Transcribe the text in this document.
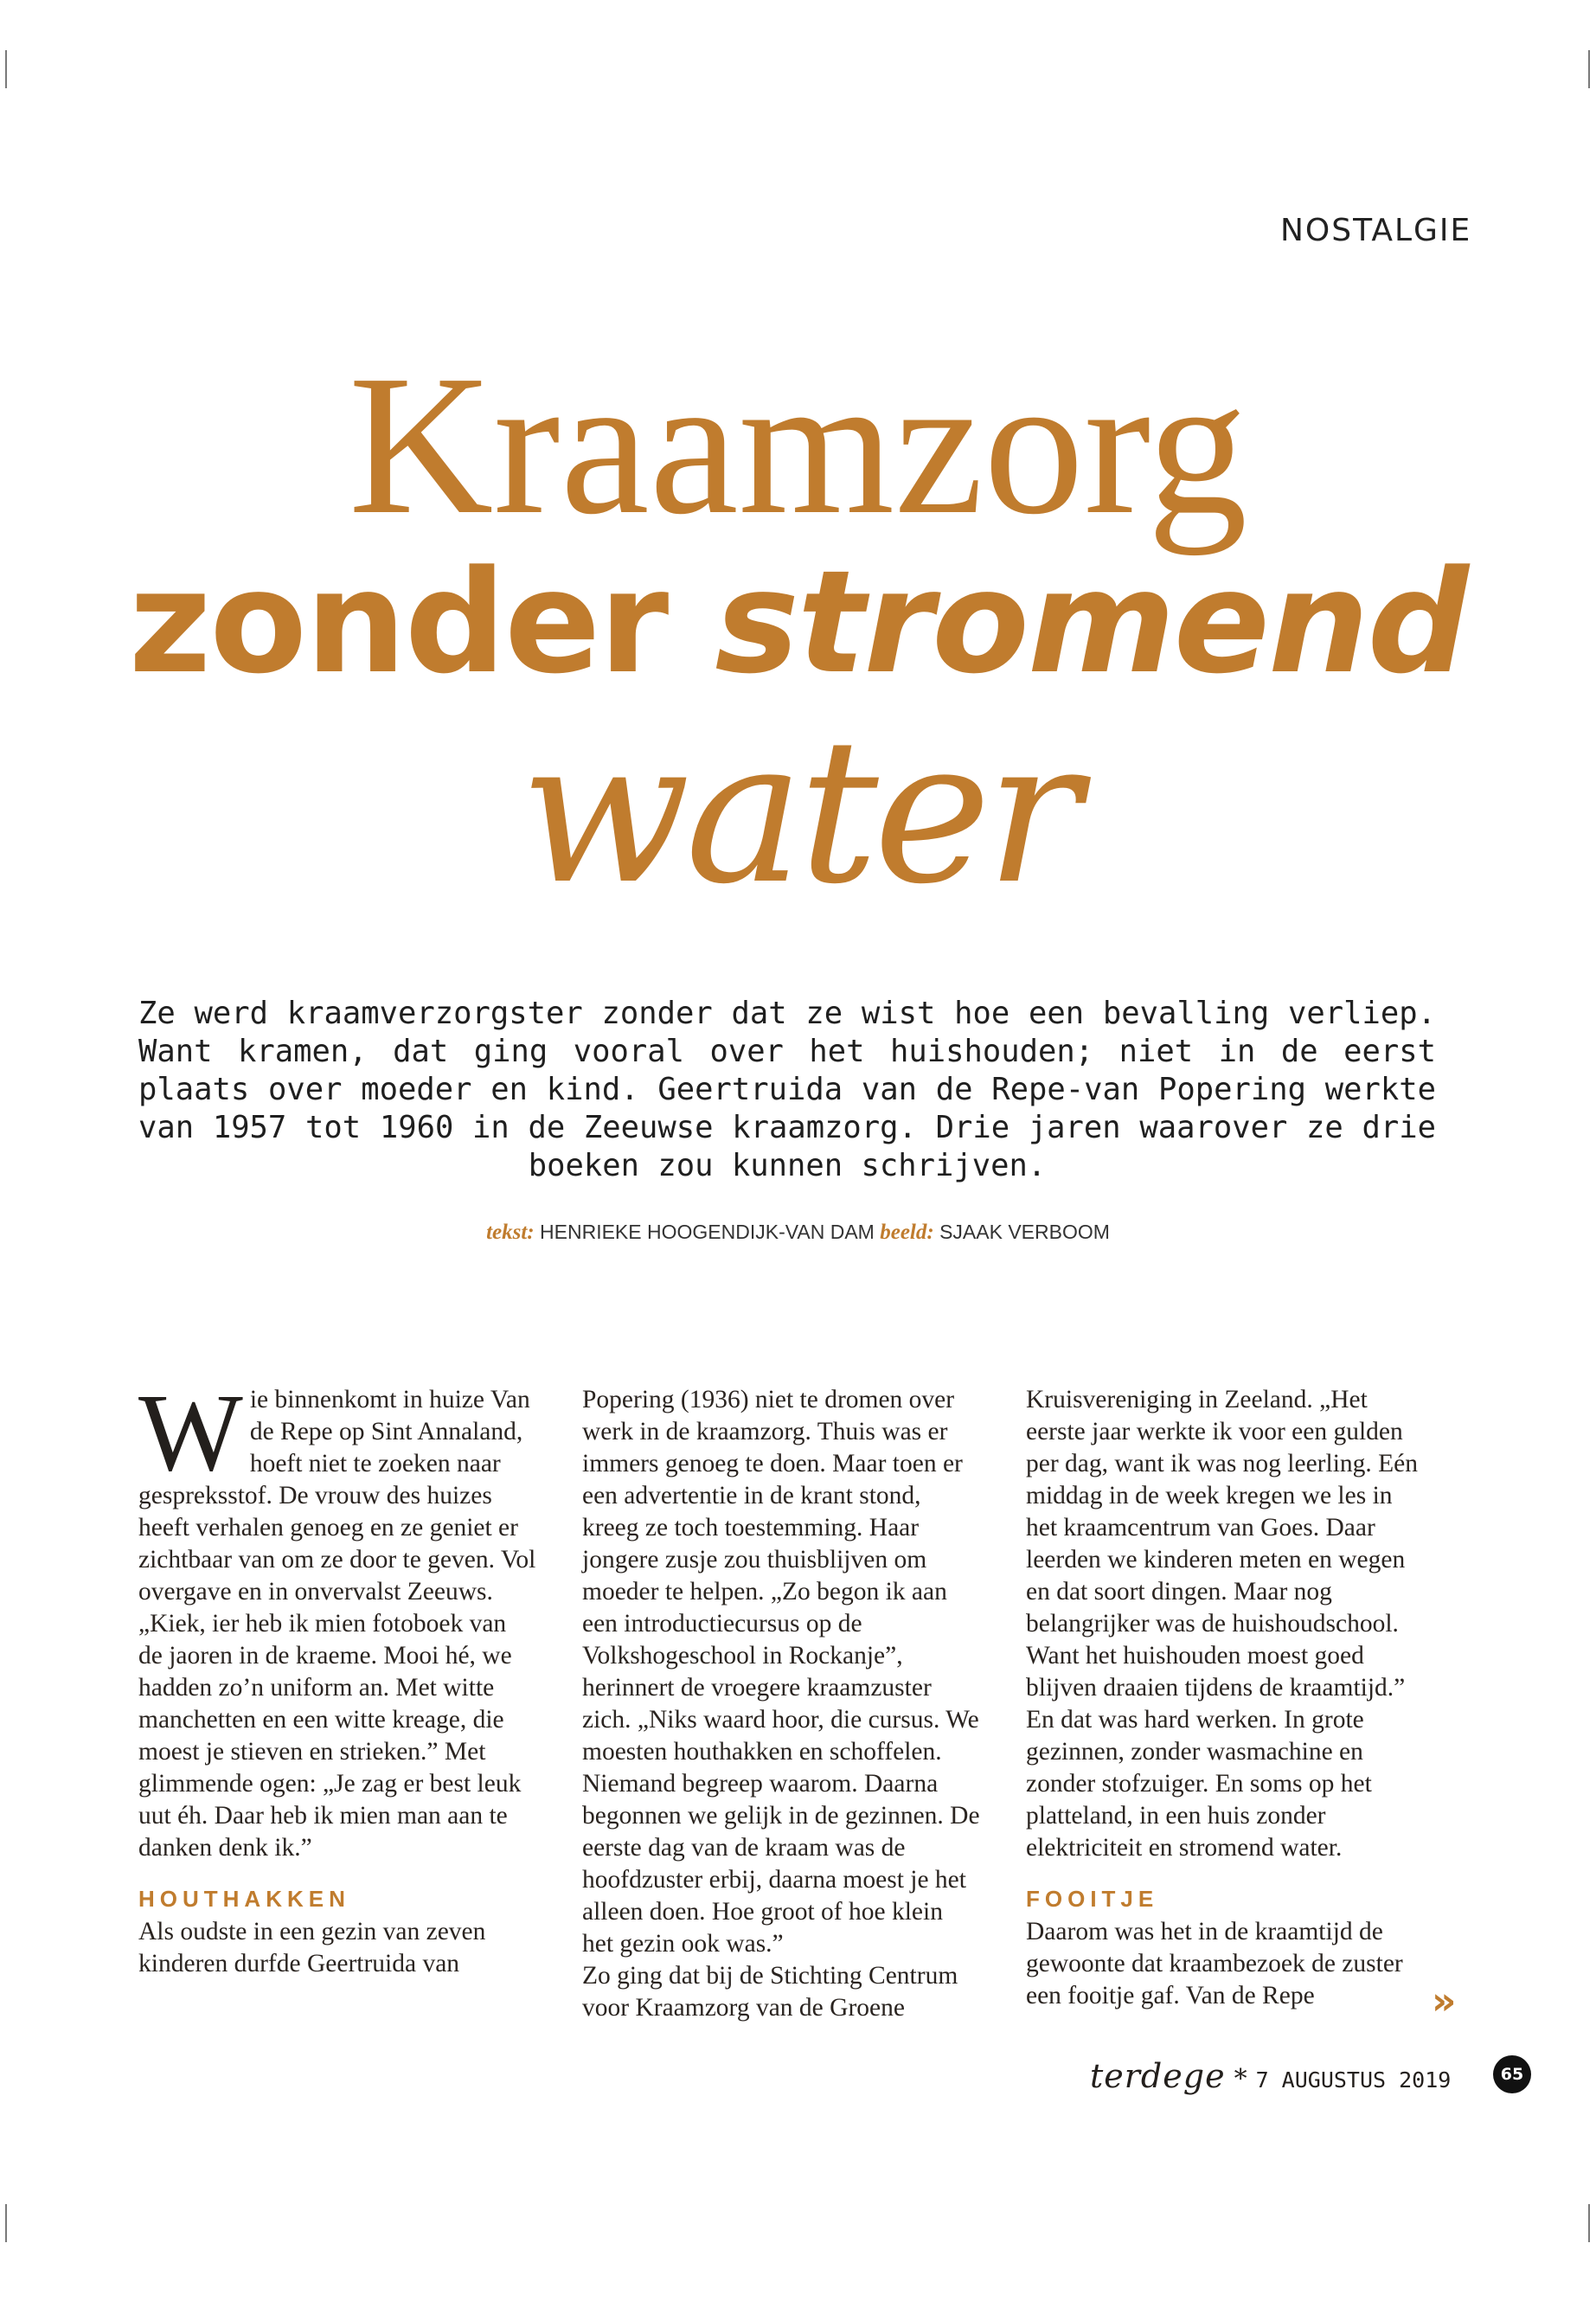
NOSTALGIE
Kraamzorg
zonder stromend
water
Ze werd kraamverzorgster zonder dat ze wist hoe een bevalling verliep. Want kramen, dat ging vooral over het huishouden; niet in de eerst plaats over moeder en kind. Geertruida van de Repe-van Popering werkte van 1957 tot 1960 in de Zeeuwse kraamzorg. Drie jaren waarover ze drie boeken zou kunnen schrijven.
tekst: HENRIEKE HOOGENDIJK-VAN DAM beeld: SJAAK VERBOOM
W ie binnenkomt in huize Van de Repe op Sint Annaland, hoeft niet te zoeken naar gespreksstof. De vrouw des huizes heeft verhalen genoeg en ze geniet er zichtbaar van om ze door te geven. Vol overgave en in onvervalst Zeeuws.

„Kiek, ier heb ik mien fotoboek van de jaoren in de kraeme. Mooi hé, we hadden zo’n uniform an. Met witte manchetten en een witte kreage, die moest je stieven en strieken.” Met glimmende ogen: „Je zag er best leuk uut éh. Daar heb ik mien man aan te danken denk ik.”

HOUTHAKKEN

Als oudste in een gezin van zeven kinderen durfde Geertruida van

Popering (1936) niet te dromen over werk in de kraamzorg. Thuis was er immers genoeg te doen. Maar toen er een advertentie in de krant stond, kreeg ze toch toestemming. Haar jongere zusje zou thuisblijven om moeder te helpen. „Zo begon ik aan een introductiecursus op de Volkshogeschool in Rockanje”, herinnert de vroegere kraamzuster zich. „Niks waard hoor, die cursus. We moesten houthakken en schoffelen. Niemand begreep waarom. Daarna begonnen we gelijk in de gezinnen. De eerste dag van de kraam was de hoofdzuster erbij, daarna moest je het alleen doen. Hoe groot of hoe klein het gezin ook was.”

Zo ging dat bij de Stichting Centrum voor Kraamzorg van de Groene

Kruisvereniging in Zeeland. „Het eerste jaar werkte ik voor een gulden per dag, want ik was nog leerling. Eén middag in de week kregen we les in het kraamcentrum van Goes. Daar leerden we kinderen meten en wegen en dat soort dingen. Maar nog belangrijker was de huishoudschool. Want het huishouden moest goed blijven draaien tijdens de kraamtijd.” En dat was hard werken. In grote gezinnen, zonder wasmachine en zonder stofzuiger. En soms op het platteland, in een huis zonder elektriciteit en stromend water.

FOOITJE

Daarom was het in de kraamtijd de gewoonte dat kraambezoek de zuster een fooitje gaf. Van de Repe	»
terdege * 7 AUGUSTUS 2019	65
